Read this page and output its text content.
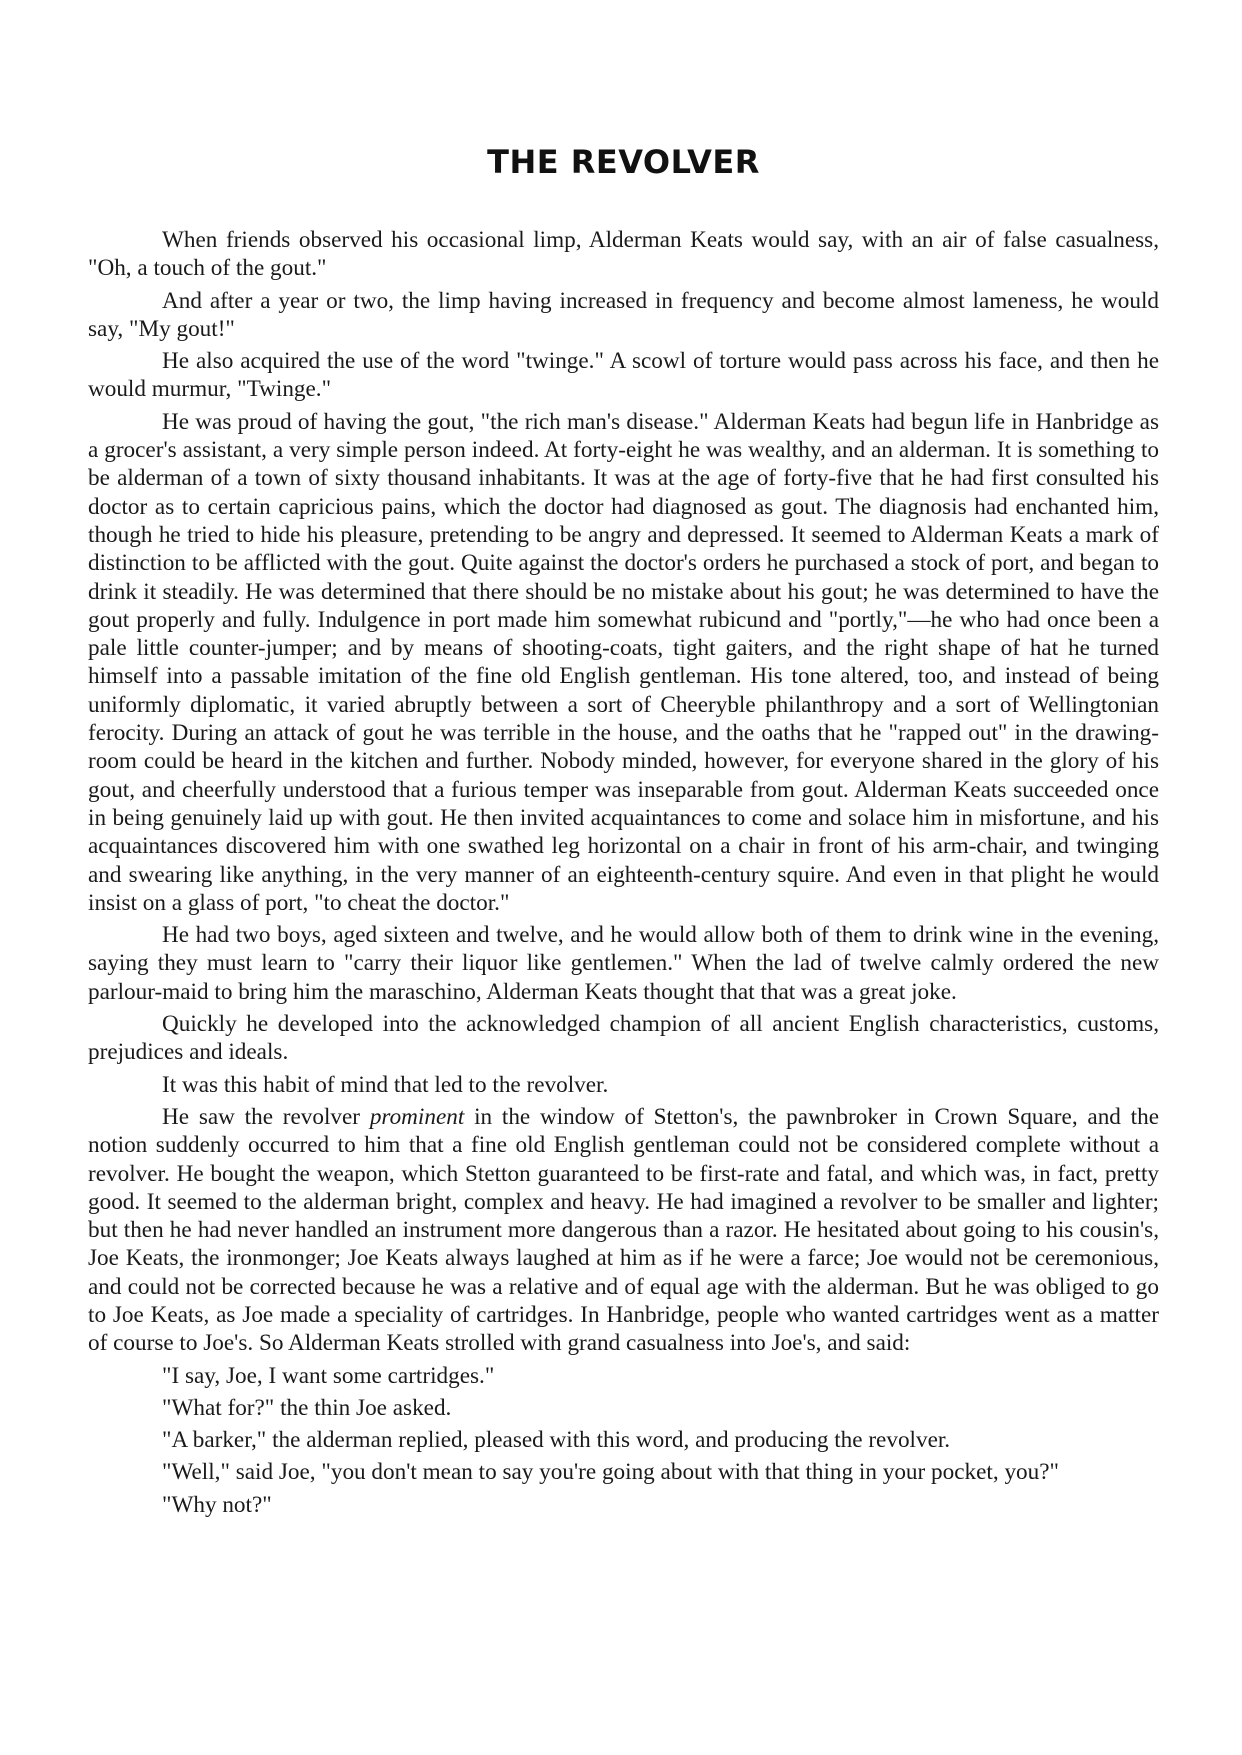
THE REVOLVER

When friends observed his occasional limp, Alderman Keats would say, with an air of false casualness, "Oh, a touch of the gout."

And after a year or two, the limp having increased in frequency and become almost lameness, he would say, "My gout!"

He also acquired the use of the word "twinge." A scowl of torture would pass across his face, and then he would murmur, "Twinge."

He was proud of having the gout, "the rich man's disease." Alderman Keats had begun life in Hanbridge as a grocer's assistant, a very simple person indeed. At forty-eight he was wealthy, and an alderman. It is something to be alderman of a town of sixty thousand inhabitants. It was at the age of forty-five that he had first consulted his doctor as to certain capricious pains, which the doctor had diagnosed as gout. The diagnosis had enchanted him, though he tried to hide his pleasure, pretending to be angry and depressed. It seemed to Alderman Keats a mark of distinction to be afflicted with the gout. Quite against the doctor's orders he purchased a stock of port, and began to drink it steadily. He was determined that there should be no mistake about his gout; he was determined to have the gout properly and fully. Indulgence in port made him somewhat rubicund and "portly,"—he who had once been a pale little counter-jumper; and by means of shooting-coats, tight gaiters, and the right shape of hat he turned himself into a passable imitation of the fine old English gentleman. His tone altered, too, and instead of being uniformly diplomatic, it varied abruptly between a sort of Cheeryble philanthropy and a sort of Wellingtonian ferocity. During an attack of gout he was terrible in the house, and the oaths that he "rapped out" in the drawing-room could be heard in the kitchen and further. Nobody minded, however, for everyone shared in the glory of his gout, and cheerfully understood that a furious temper was inseparable from gout. Alderman Keats succeeded once in being genuinely laid up with gout. He then invited acquaintances to come and solace him in misfortune, and his acquaintances discovered him with one swathed leg horizontal on a chair in front of his arm-chair, and twinging and swearing like anything, in the very manner of an eighteenth-century squire. And even in that plight he would insist on a glass of port, "to cheat the doctor."

He had two boys, aged sixteen and twelve, and he would allow both of them to drink wine in the evening, saying they must learn to "carry their liquor like gentlemen." When the lad of twelve calmly ordered the new parlour-maid to bring him the maraschino, Alderman Keats thought that that was a great joke.

Quickly he developed into the acknowledged champion of all ancient English characteristics, customs, prejudices and ideals.

It was this habit of mind that led to the revolver.

He saw the revolver prominent in the window of Stetton's, the pawnbroker in Crown Square, and the notion suddenly occurred to him that a fine old English gentleman could not be considered complete without a revolver. He bought the weapon, which Stetton guaranteed to be first-rate and fatal, and which was, in fact, pretty good. It seemed to the alderman bright, complex and heavy. He had imagined a revolver to be smaller and lighter; but then he had never handled an instrument more dangerous than a razor. He hesitated about going to his cousin's, Joe Keats, the ironmonger; Joe Keats always laughed at him as if he were a farce; Joe would not be ceremonious, and could not be corrected because he was a relative and of equal age with the alderman. But he was obliged to go to Joe Keats, as Joe made a speciality of cartridges. In Hanbridge, people who wanted cartridges went as a matter of course to Joe's. So Alderman Keats strolled with grand casualness into Joe's, and said:

"I say, Joe, I want some cartridges."

"What for?" the thin Joe asked.

"A barker," the alderman replied, pleased with this word, and producing the revolver.

"Well," said Joe, "you don't mean to say you're going about with that thing in your pocket, you?"

"Why not?"
